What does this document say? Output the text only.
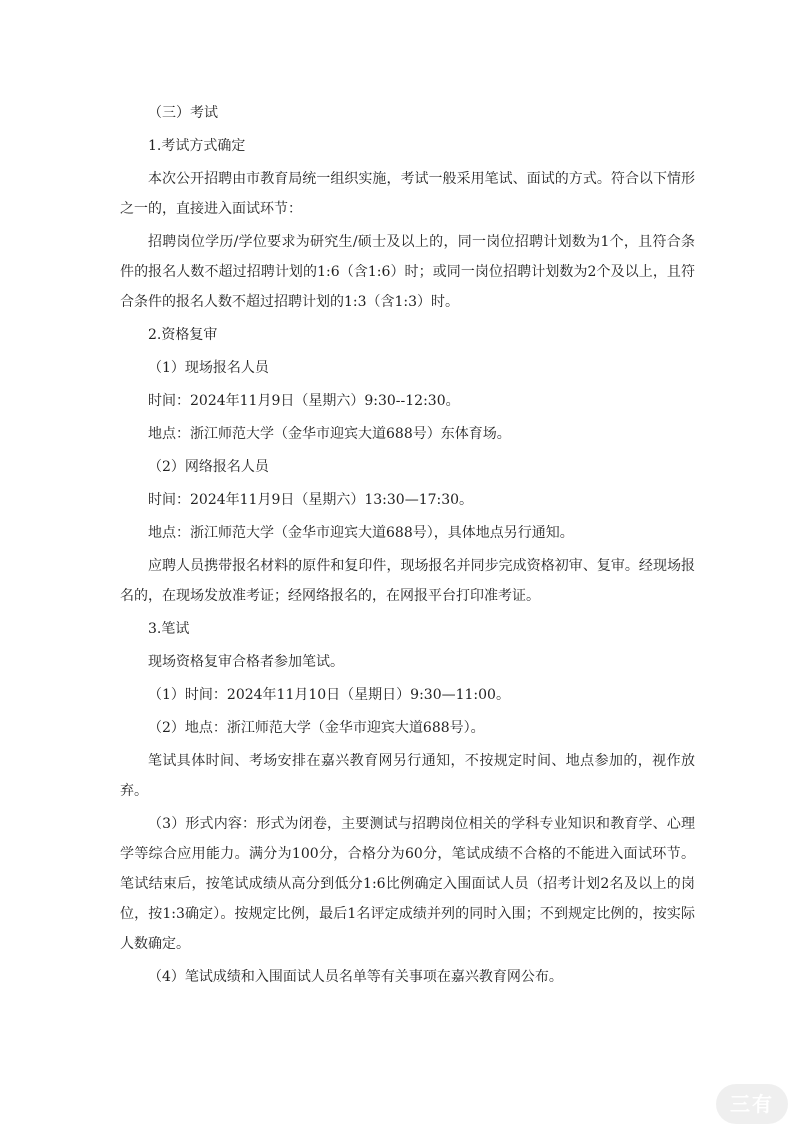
（三）考试

1.考试方式确定

本次公开招聘由市教育局统一组织实施，考试一般采用笔试、面试的方式。符合以下情形之一的，直接进入面试环节：

招聘岗位学历/学位要求为研究生/硕士及以上的，同一岗位招聘计划数为1个，且符合条件的报名人数不超过招聘计划的1:6（含1:6）时；或同一岗位招聘计划数为2个及以上，且符合条件的报名人数不超过招聘计划的1:3（含1:3）时。

2.资格复审

（1）现场报名人员

时间：2024年11月9日（星期六）9:30--12:30。

地点：浙江师范大学（金华市迎宾大道688号）东体育场。

（2）网络报名人员

时间：2024年11月9日（星期六）13:30—17:30。

地点：浙江师范大学（金华市迎宾大道688号），具体地点另行通知。

应聘人员携带报名材料的原件和复印件，现场报名并同步完成资格初审、复审。经现场报名的，在现场发放准考证；经网络报名的，在网报平台打印准考证。

3.笔试

现场资格复审合格者参加笔试。

（1）时间：2024年11月10日（星期日）9:30—11:00。

（2）地点：浙江师范大学（金华市迎宾大道688号）。

笔试具体时间、考场安排在嘉兴教育网另行通知，不按规定时间、地点参加的，视作放弃。

（3）形式内容：形式为闭卷，主要测试与招聘岗位相关的学科专业知识和教育学、心理学等综合应用能力。满分为100分，合格分为60分，笔试成绩不合格的不能进入面试环节。笔试结束后，按笔试成绩从高分到低分1:6比例确定入围面试人员（招考计划2名及以上的岗位，按1:3确定）。按规定比例，最后1名评定成绩并列的同时入围；不到规定比例的，按实际人数确定。

（4）笔试成绩和入围面试人员名单等有关事项在嘉兴教育网公布。

三有
